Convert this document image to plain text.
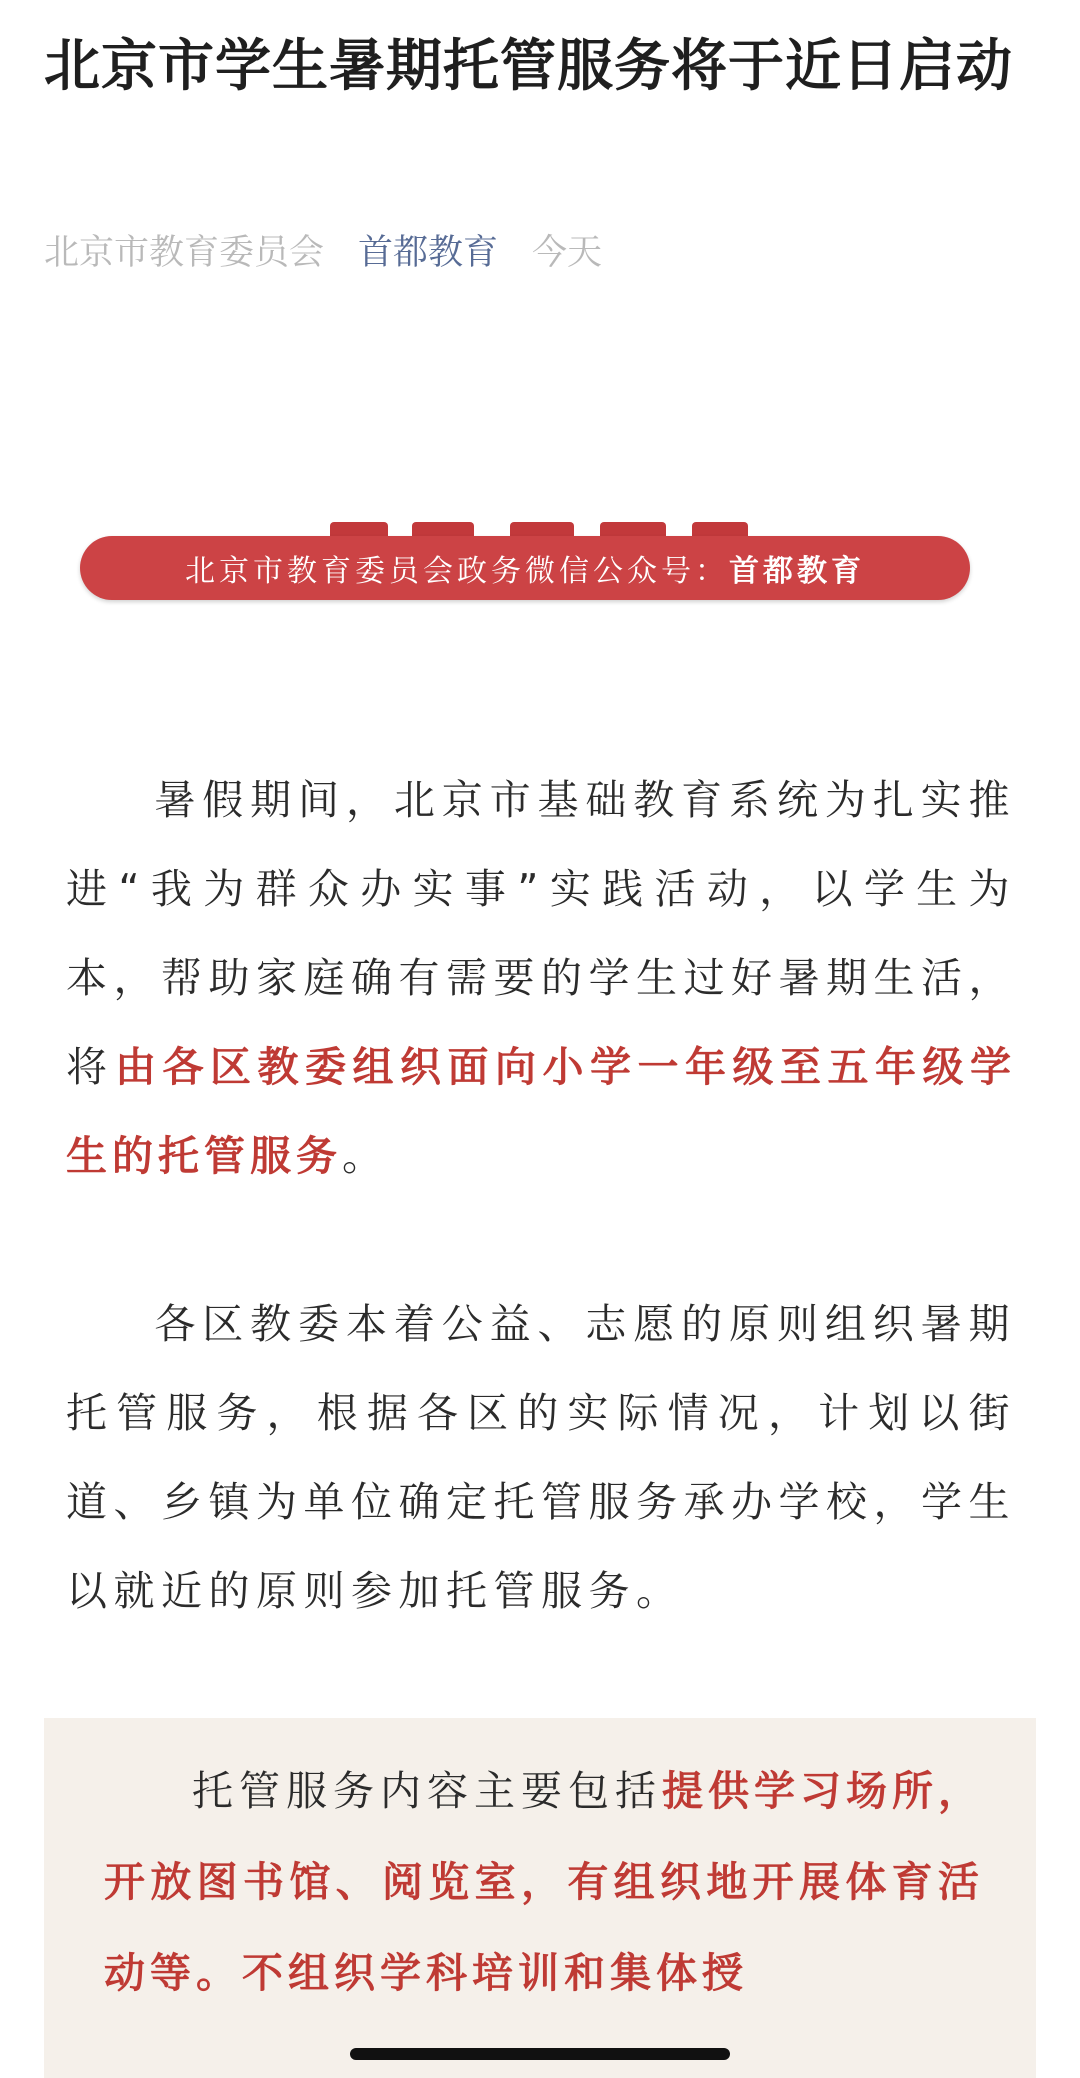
北京市学生暑期托管服务将于近日启动
北京市教育委员会 首都教育 今天
北京市教育委员会政务微信公众号：首都教育
暑假期间，北京市基础教育系统为扎实推进“我为群众办实事”实践活动，以学生为本，帮助家庭确有需要的学生过好暑期生活，将由各区教委组织面向小学一年级至五年级学生的托管服务。
各区教委本着公益、志愿的原则组织暑期托管服务，根据各区的实际情况，计划以街道、乡镇为单位确定托管服务承办学校，学生以就近的原则参加托管服务。
托管服务内容主要包括提供学习场所，开放图书馆、阅览室，有组织地开展体育活动等。不组织学科培训和集体授
